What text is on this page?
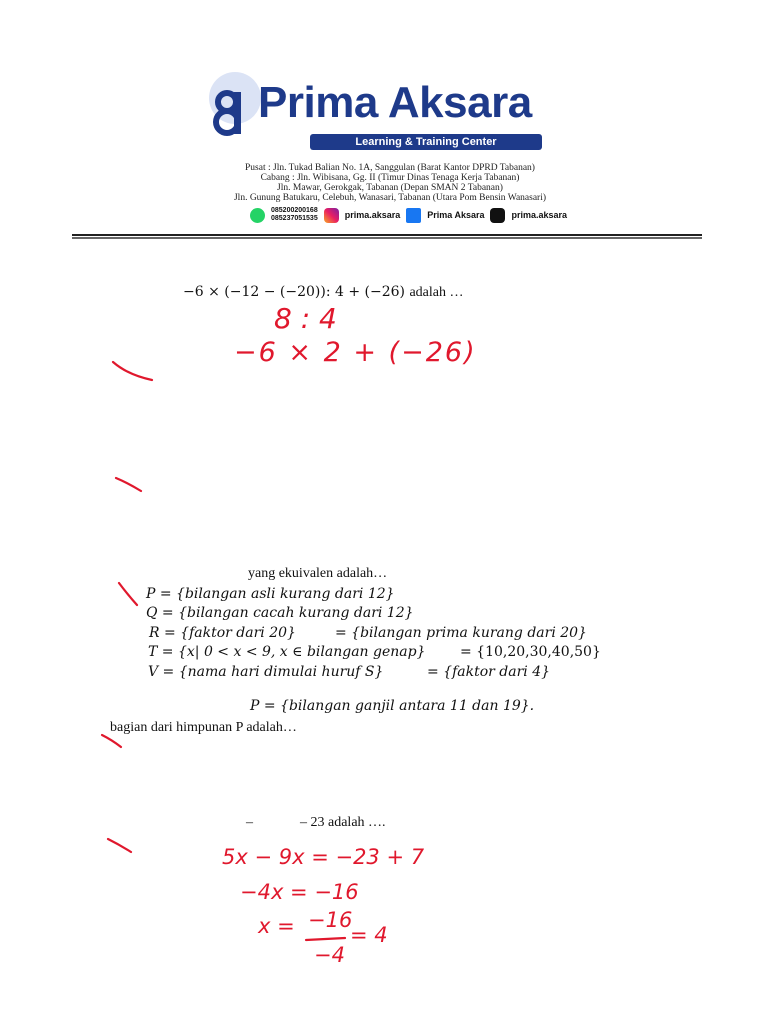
Prima Aksara
Learning & Training Center
Pusat : Jln. Tukad Balian No. 1A, Sanggulan (Barat Kantor DPRD Tabanan)
Cabang : Jln. Wibisana, Gg. II (Timur Dinas Tenaga Kerja Tabanan)
Jln. Mawar, Gerokgak, Tabanan (Depan SMAN 2 Tabanan)
Jln. Gunung Batukaru, Celebuh, Wanasari, Tabanan (Utara Pom Bensin Wanasari)
085200200168
085237051535	prima.aksara	Prima Aksara	prima.aksara
−6 × (−12 − (−20)): 4 + (−26) adalah …
yang ekuivalen adalah…
P = {bilangan asli kurang dari 12}
Q = {bilangan cacah kurang dari 12}
R = {faktor dari 20}	= {bilangan prima kurang dari 20}
T = {x| 0 < x < 9, x ∈ bilangan genap} = {10,20,30,40,50}
V = {nama hari dimulai huruf S}	= {faktor dari 4}
P = {bilangan ganjil antara 11 dan 19}.
bagian dari himpunan P adalah…
–	– 23 adalah ….
8 : 4
−6 × 2 + (−26)
5x − 9x = −23 + 7
−4x = −16
x = −16
−4
= 4
